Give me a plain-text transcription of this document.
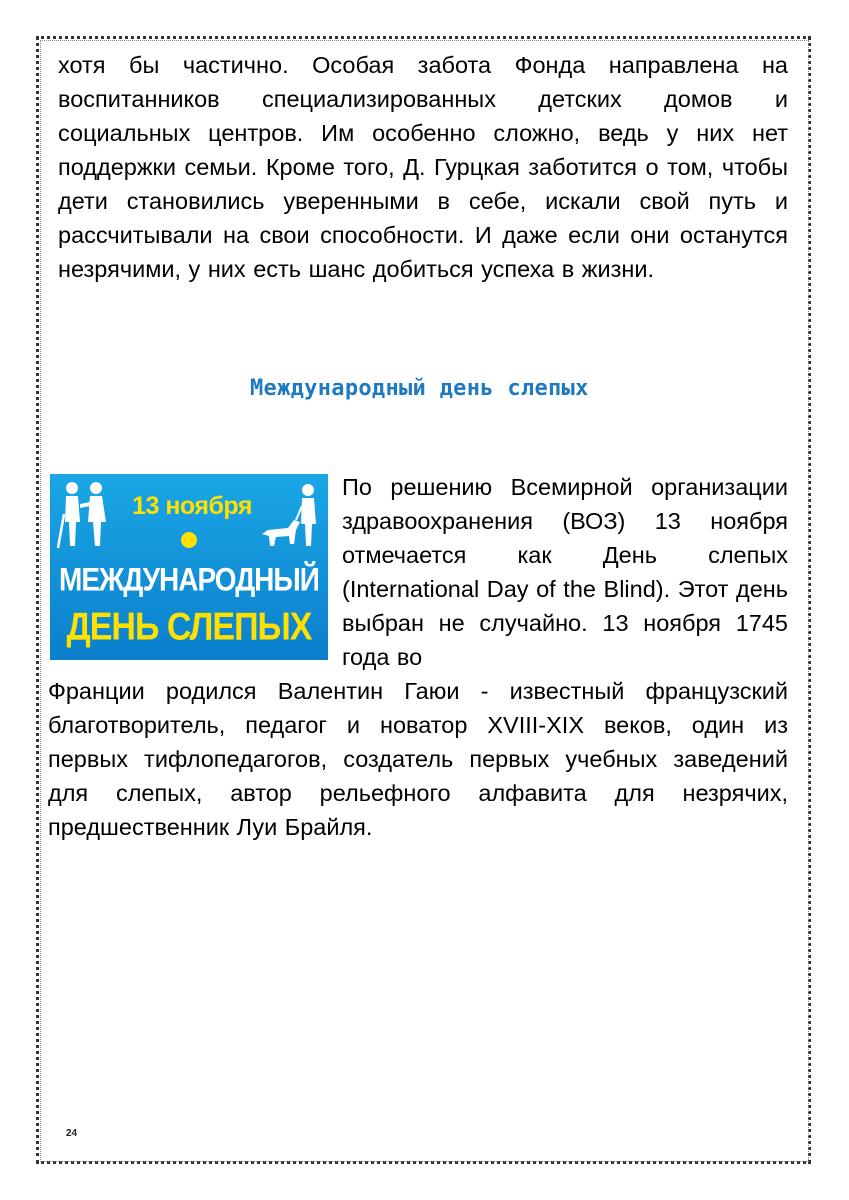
хотя бы частично. Особая забота Фонда направлена на воспитанников специализированных детских домов и социальных центров. Им особенно сложно, ведь у них нет поддержки семьи. Кроме того, Д. Гурцкая заботится о том, чтобы дети становились уверенными в себе, искали свой путь и рассчитывали на свои способности. И даже если они останутся незрячими, у них есть шанс добиться успеха в жизни.

Международный день слепых
13 ноября
МЕЖДУНАРОДНЫЙ
ДЕНЬ СЛЕПЫХ

По решению Всемирной организации здравоохранения (ВОЗ) 13 ноября отмечается как День слепых (International Day of the Blind). Этот день выбран не случайно. 13 ноября 1745 года во

Франции родился Валентин Гаюи - известный французский благотворитель, педагог и новатор XVIII-XIX веков, один из первых тифлопедагогов, создатель первых учебных заведений для слепых, автор рельефного алфавита для незрячих, предшественник Луи Брайля.

24
